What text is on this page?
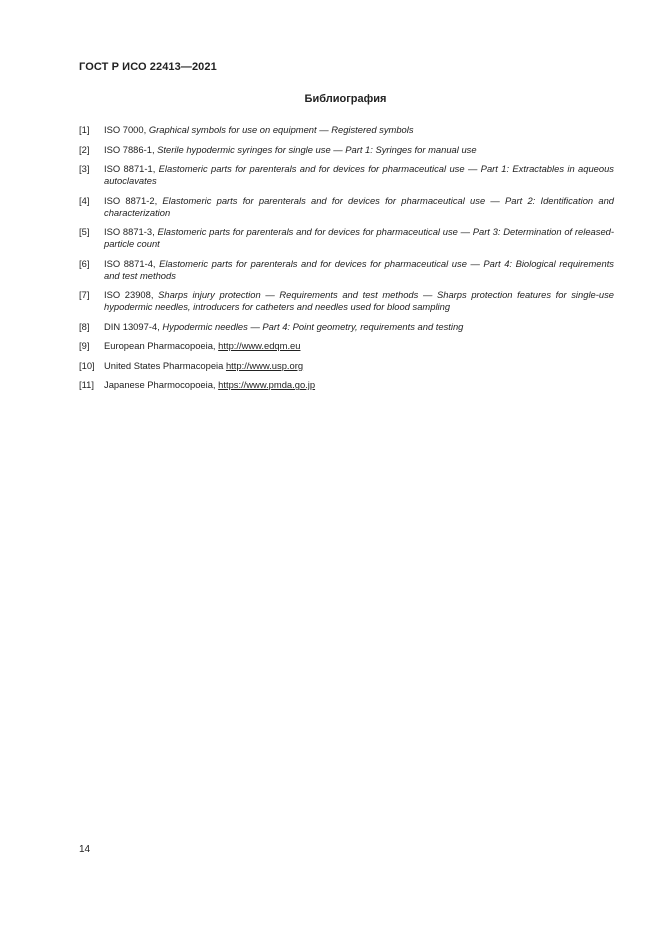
ГОСТ Р ИСО 22413—2021
Библиография
[1]	ISO 7000, Graphical symbols for use on equipment — Registered symbols
[2]	ISO 7886-1, Sterile hypodermic syringes for single use — Part 1: Syringes for manual use
[3]	ISO 8871-1, Elastomeric parts for parenterals and for devices for pharmaceutical use — Part 1: Extractables in aqueous autoclavates
[4]	ISO 8871-2, Elastomeric parts for parenterals and for devices for pharmaceutical use — Part 2: Identification and characterization
[5]	ISO 8871-3, Elastomeric parts for parenterals and for devices for pharmaceutical use — Part 3: Determination of released-particle count
[6]	ISO 8871-4, Elastomeric parts for parenterals and for devices for pharmaceutical use — Part 4: Biological requirements and test methods
[7]	ISO 23908, Sharps injury protection — Requirements and test methods — Sharps protection features for single-use hypodermic needles, introducers for catheters and needles used for blood sampling
[8]	DIN 13097-4, Hypodermic needles — Part 4: Point geometry, requirements and testing
[9]	European Pharmacopoeia, http://www.edqm.eu
[10] United States Pharmacopeia http://www.usp.org
[11]	Japanese Pharmocopoeia, https://www.pmda.go.jp
14
